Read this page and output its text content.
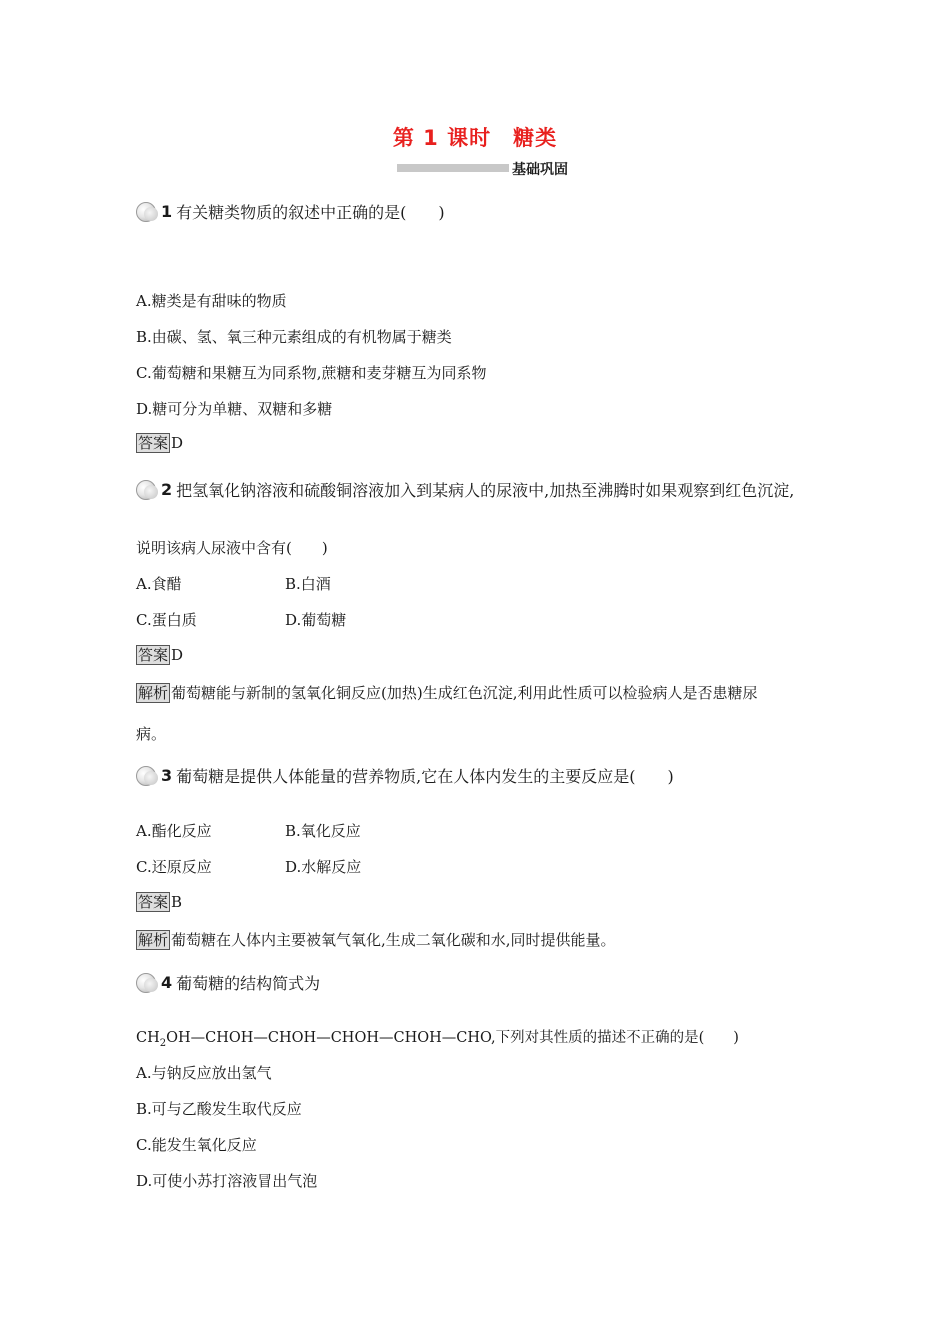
第 1 课时　糖类
基础巩固
1 有关糖类物质的叙述中正确的是(　　)
A.糖类是有甜味的物质
B.由碳、氢、氧三种元素组成的有机物属于糖类
C.葡萄糖和果糖互为同系物,蔗糖和麦芽糖互为同系物
D.糖可分为单糖、双糖和多糖
答案 D
2 把氢氧化钠溶液和硫酸铜溶液加入到某病人的尿液中,加热至沸腾时如果观察到红色沉淀,
说明该病人尿液中含有(　　)
A.食醋	B.白酒
C.蛋白质	D.葡萄糖
答案 D
解析 葡萄糖能与新制的氢氧化铜反应(加热)生成红色沉淀,利用此性质可以检验病人是否患糖尿
病。
3 葡萄糖是提供人体能量的营养物质,它在人体内发生的主要反应是(　　)
A.酯化反应	B.氧化反应
C.还原反应	D.水解反应
答案 B
解析 葡萄糖在人体内主要被氧气氧化,生成二氧化碳和水,同时提供能量。
4 葡萄糖的结构简式为
$CH_2OH—CHOH—CHOH—CHOH—CHOH—CHO$,下列对其性质的描述不正确的是(　　)
A.与钠反应放出氢气
B.可与乙酸发生取代反应
C.能发生氧化反应
D.可使小苏打溶液冒出气泡
